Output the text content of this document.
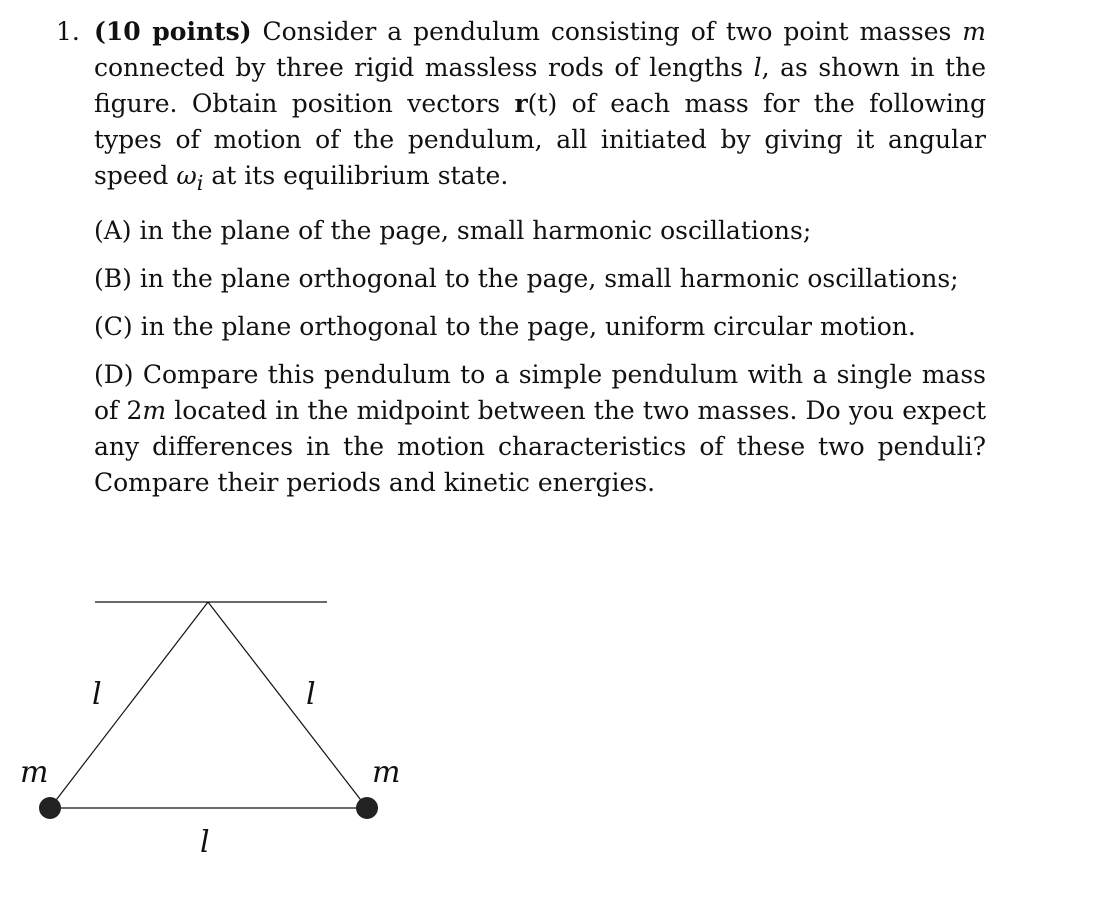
1. (10 points) Consider a pendulum consisting of two point masses m connected by three rigid massless rods of lengths l, as shown in the figure. Obtain position vectors r(t) of each mass for the following types of motion of the pendulum, all initiated by giving it angular speed $\omega_i$ at its equilibrium state.
(A) in the plane of the page, small harmonic oscillations;
(B) in the plane orthogonal to the page, small harmonic oscillations;
(C) in the plane orthogonal to the page, uniform circular motion.
(D) Compare this pendulum to a simple pendulum with a single mass of 2m located in the midpoint between the two masses. Do you expect any differences in the motion characteristics of these two penduli? Compare their periods and kinetic energies.
l	l
l
m	m
